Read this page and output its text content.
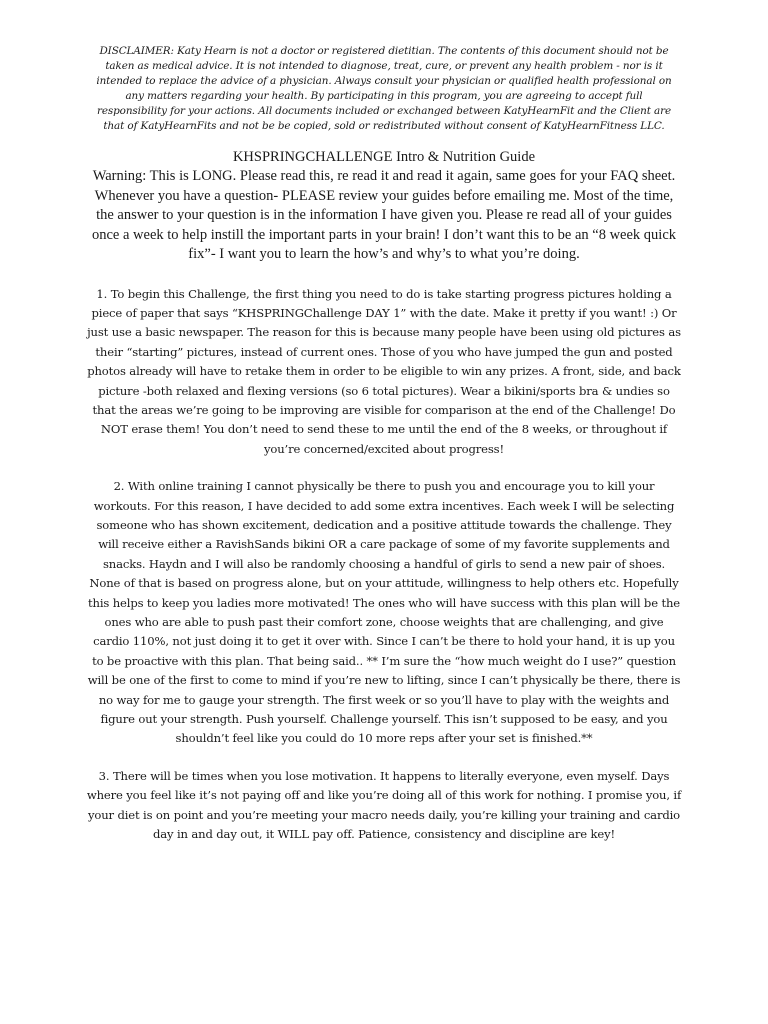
DISCLAIMER: Katy Hearn is not a doctor or registered dietitian. The contents of this document should not be taken as medical advice. It is not intended to diagnose, treat, cure, or prevent any health problem - nor is it intended to replace the advice of a physician. Always consult your physician or qualified health professional on any matters regarding your health. By participating in this program, you are agreeing to accept full responsibility for your actions. All documents included or exchanged between KatyHearnFit and the Client are that of KatyHearnFits and not be be copied, sold or redistributed without consent of KatyHearnFitness LLC.

KHSPRINGCHALLENGE Intro & Nutrition Guide

Warning: This is LONG. Please read this, re read it and read it again, same goes for your FAQ sheet. Whenever you have a question- PLEASE review your guides before emailing me. Most of the time, the answer to your question is in the information I have given you. Please re read all of your guides once a week to help instill the important parts in your brain! I don’t want this to be an “8 week quick fix”- I want you to learn the how’s and why’s to what you’re doing.

1. To begin this Challenge, the first thing you need to do is take starting progress pictures holding a piece of paper that says “KHSPRINGChallenge DAY 1” with the date. Make it pretty if you want! :) Or just use a basic newspaper. The reason for this is because many people have been using old pictures as their “starting” pictures, instead of current ones. Those of you who have jumped the gun and posted photos already will have to retake them in order to be eligible to win any prizes. A front, side, and back picture -both relaxed and flexing versions (so 6 total pictures). Wear a bikini/sports bra & undies so that the areas we’re going to be improving are visible for comparison at the end of the Challenge! Do NOT erase them! You don’t need to send these to me until the end of the 8 weeks, or throughout if you’re concerned/excited about progress!

2. With online training I cannot physically be there to push you and encourage you to kill your workouts. For this reason, I have decided to add some extra incentives. Each week I will be selecting someone who has shown excitement, dedication and a positive attitude towards the challenge. They will receive either a RavishSands bikini OR a care package of some of my favorite supplements and snacks. Haydn and I will also be randomly choosing a handful of girls to send a new pair of shoes. None of that is based on progress alone, but on your attitude, willingness to help others etc. Hopefully this helps to keep you ladies more motivated! The ones who will have success with this plan will be the ones who are able to push past their comfort zone, choose weights that are challenging, and give cardio 110%, not just doing it to get it over with. Since I can’t be there to hold your hand, it is up you to be proactive with this plan. That being said.. ** I’m sure the “how much weight do I use?” question will be one of the first to come to mind if you’re new to lifting, since I can’t physically be there, there is no way for me to gauge your strength. The first week or so you’ll have to play with the weights and figure out your strength. Push yourself. Challenge yourself. This isn’t supposed to be easy, and you shouldn’t feel like you could do 10 more reps after your set is finished.**

3. There will be times when you lose motivation. It happens to literally everyone, even myself. Days where you feel like it’s not paying off and like you’re doing all of this work for nothing. I promise you, if your diet is on point and you’re meeting your macro needs daily, you’re killing your training and cardio day in and day out, it WILL pay off. Patience, consistency and discipline are key!
